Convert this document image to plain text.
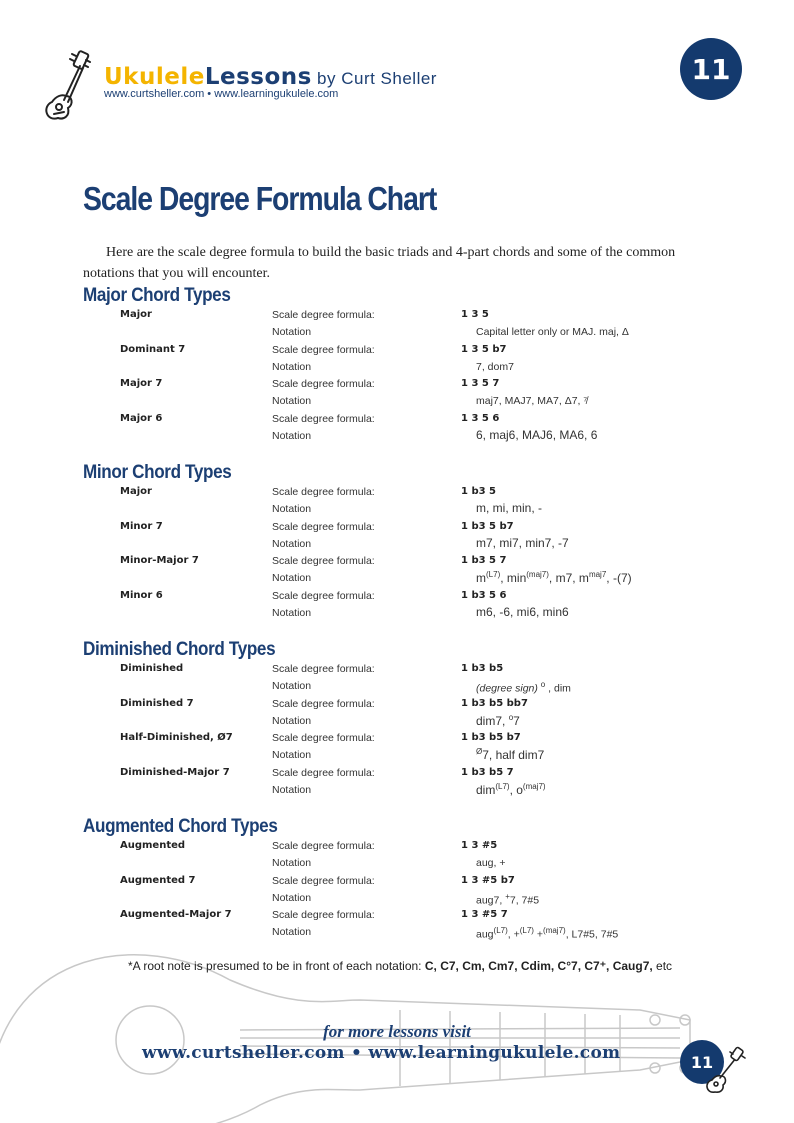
UkuleleLessons by Curt Sheller
www.curtsheller.com • www.learningukulele.com
11
Scale Degree Formula Chart

Here are the scale degree formula to build the basic triads and 4-part chords and some of the common notations that you will encounter.

Major Chord Types
Major	Scale degree formula:	1 3 5
Notation	Capital letter only or MAJ. maj, Δ
Dominant 7	Scale degree formula:	1 3 5 b7
Notation	7, dom7
Major 7	Scale degree formula:	1 3 5 7
Notation	maj7, MAJ7, MA7, Δ7, ⁷̸
Major 6	Scale degree formula:	1 3 5 6
Notation	6, maj6, MAJ6, MA6, 6
Minor Chord Types
Major	Scale degree formula:	1 b3 5
Notation	m, mi, min, -
Minor 7	Scale degree formula:	1 b3 5 b7
Notation	m7, mi7, min7, -7
Minor-Major 7	Scale degree formula:	1 b3 5 7
Notation	$m^{(L7)}$, $\min^{(maj7)}$, m7, $m^{maj7}$, -(7)
Minor 6	Scale degree formula:	1 b3 5 6
Notation	m6, -6, mi6, min6
Diminished Chord Types
Diminished	Scale degree formula:	1 b3 b5
Notation	(degree sign) $^o$ , dim
Diminished 7	Scale degree formula:	1 b3 b5 bb7
Notation	dim7, $^o$7
Half-Diminished, Ø7	Scale degree formula:	1 b3 b5 b7
Notation	$^Ø$7, half dim7
Diminished-Major 7	Scale degree formula:	1 b3 b5 7
Notation	dim$^{(L7)}$, $o^{(maj7)}$
Augmented Chord Types
Augmented	Scale degree formula:	1 3 #5
Notation	aug, +
Augmented 7	Scale degree formula:	1 3 #5 b7
Notation	aug7, +7, 7#5
Augmented-Major 7	Scale degree formula:	1 3 #5 7
Notation	aug$^{(L7)}$, +$^{(L7)}$ +$^{(maj7)}$, L7#5, 7#5
*A root note is presumed to be in front of each notation: C, C7, Cm, Cm7, Cdim, C°7, C7⁺, Caug7, etc
for more lessons visit
www.curtsheller.com • www.learningukulele.com	11
